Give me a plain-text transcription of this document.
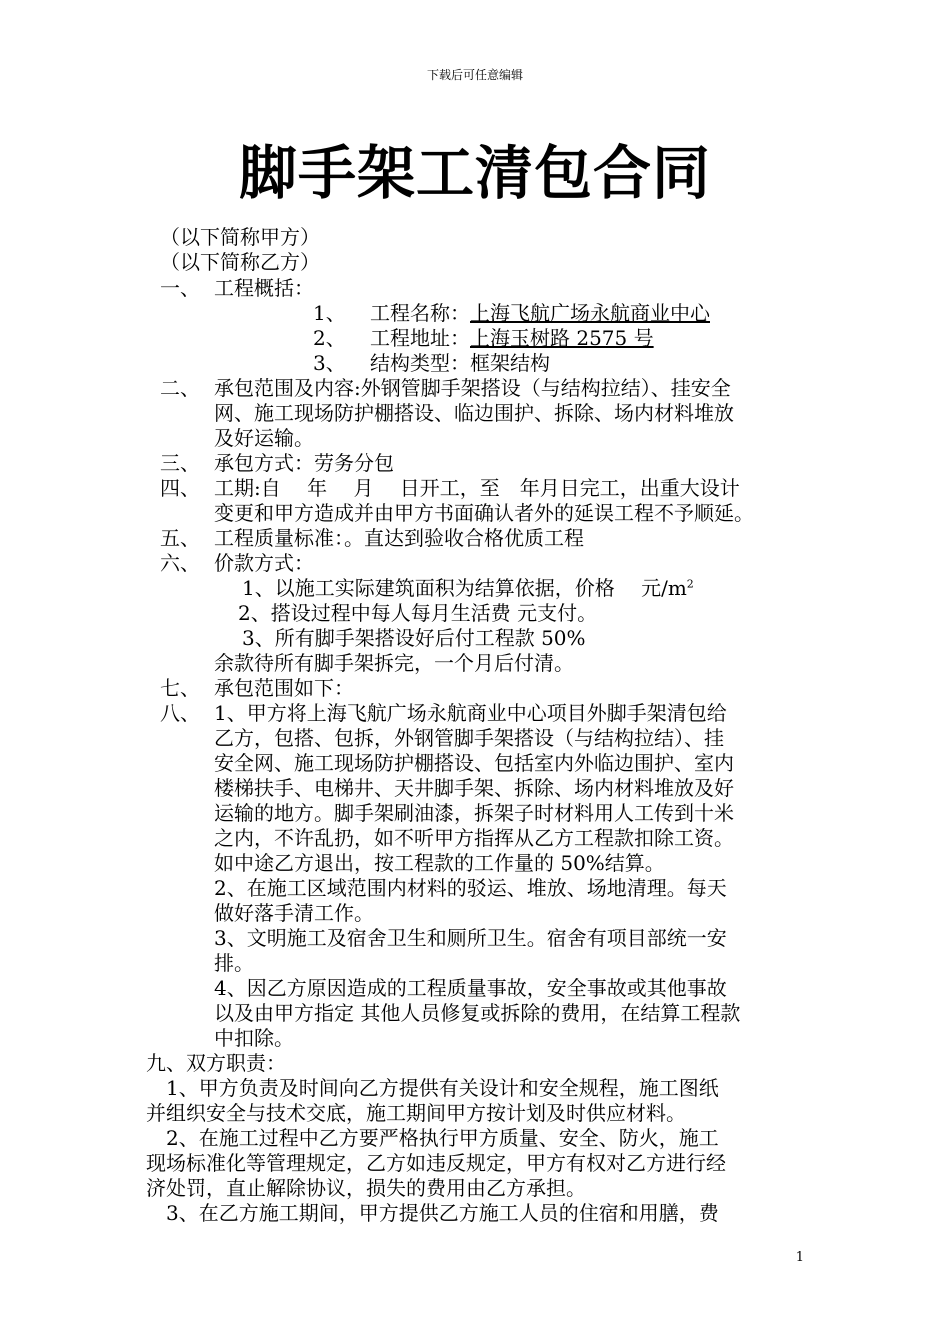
下载后可任意编辑
脚手架工清包合同
（以下简称甲方）
（以下简称乙方）
一、 工程概括：
1、 工程名称：上海飞航广场永航商业中心
2、 工程地址：上海玉树路 2575 号
3、 结构类型：框架结构
二、 承包范围及内容:外钢管脚手架搭设（与结构拉结）、挂安全
网、施工现场防护棚搭设、临边围护、拆除、场内材料堆放
及好运输。
三、 承包方式：劳务分包
四、 工期:自　 年　 月　 日开工，至　年月日完工，出重大设计
变更和甲方造成并由甲方书面确认者外的延误工程不予顺延。
五、 工程质量标准：。直达到验收合格优质工程
六、 价款方式：
1、以施工实际建筑面积为结算依据，价格　 元$/m^2$
2、搭设过程中每人每月生活费 元支付。
3、所有脚手架搭设好后付工程款 50%
余款待所有脚手架拆完，一个月后付清。
七、 承包范围如下：
八、 1、甲方将上海飞航广场永航商业中心项目外脚手架清包给
乙方，包搭、包拆，外钢管脚手架搭设（与结构拉结）、挂
安全网、施工现场防护棚搭设、包括室内外临边围护、室内
楼梯扶手、电梯井、天井脚手架、拆除、场内材料堆放及好
运输的地方。脚手架刷油漆，拆架子时材料用人工传到十米
之内，不许乱扔，如不听甲方指挥从乙方工程款扣除工资。
如中途乙方退出，按工程款的工作量的 50%结算。
2、在施工区域范围内材料的驳运、堆放、场地清理。每天
做好落手清工作。
3、文明施工及宿舍卫生和厕所卫生。宿舍有项目部统一安
排。
4、因乙方原因造成的工程质量事故，安全事故或其他事故
以及由甲方指定 其他人员修复或拆除的费用，在结算工程款
中扣除。
九、双方职责：
　1、甲方负责及时间向乙方提供有关设计和安全规程，施工图纸
并组织安全与技术交底，施工期间甲方按计划及时供应材料。
　2、在施工过程中乙方要严格执行甲方质量、安全、防火，施工
现场标准化等管理规定，乙方如违反规定，甲方有权对乙方进行经
济处罚，直止解除协议，损失的费用由乙方承担。
　3、在乙方施工期间，甲方提供乙方施工人员的住宿和用膳，费
1
